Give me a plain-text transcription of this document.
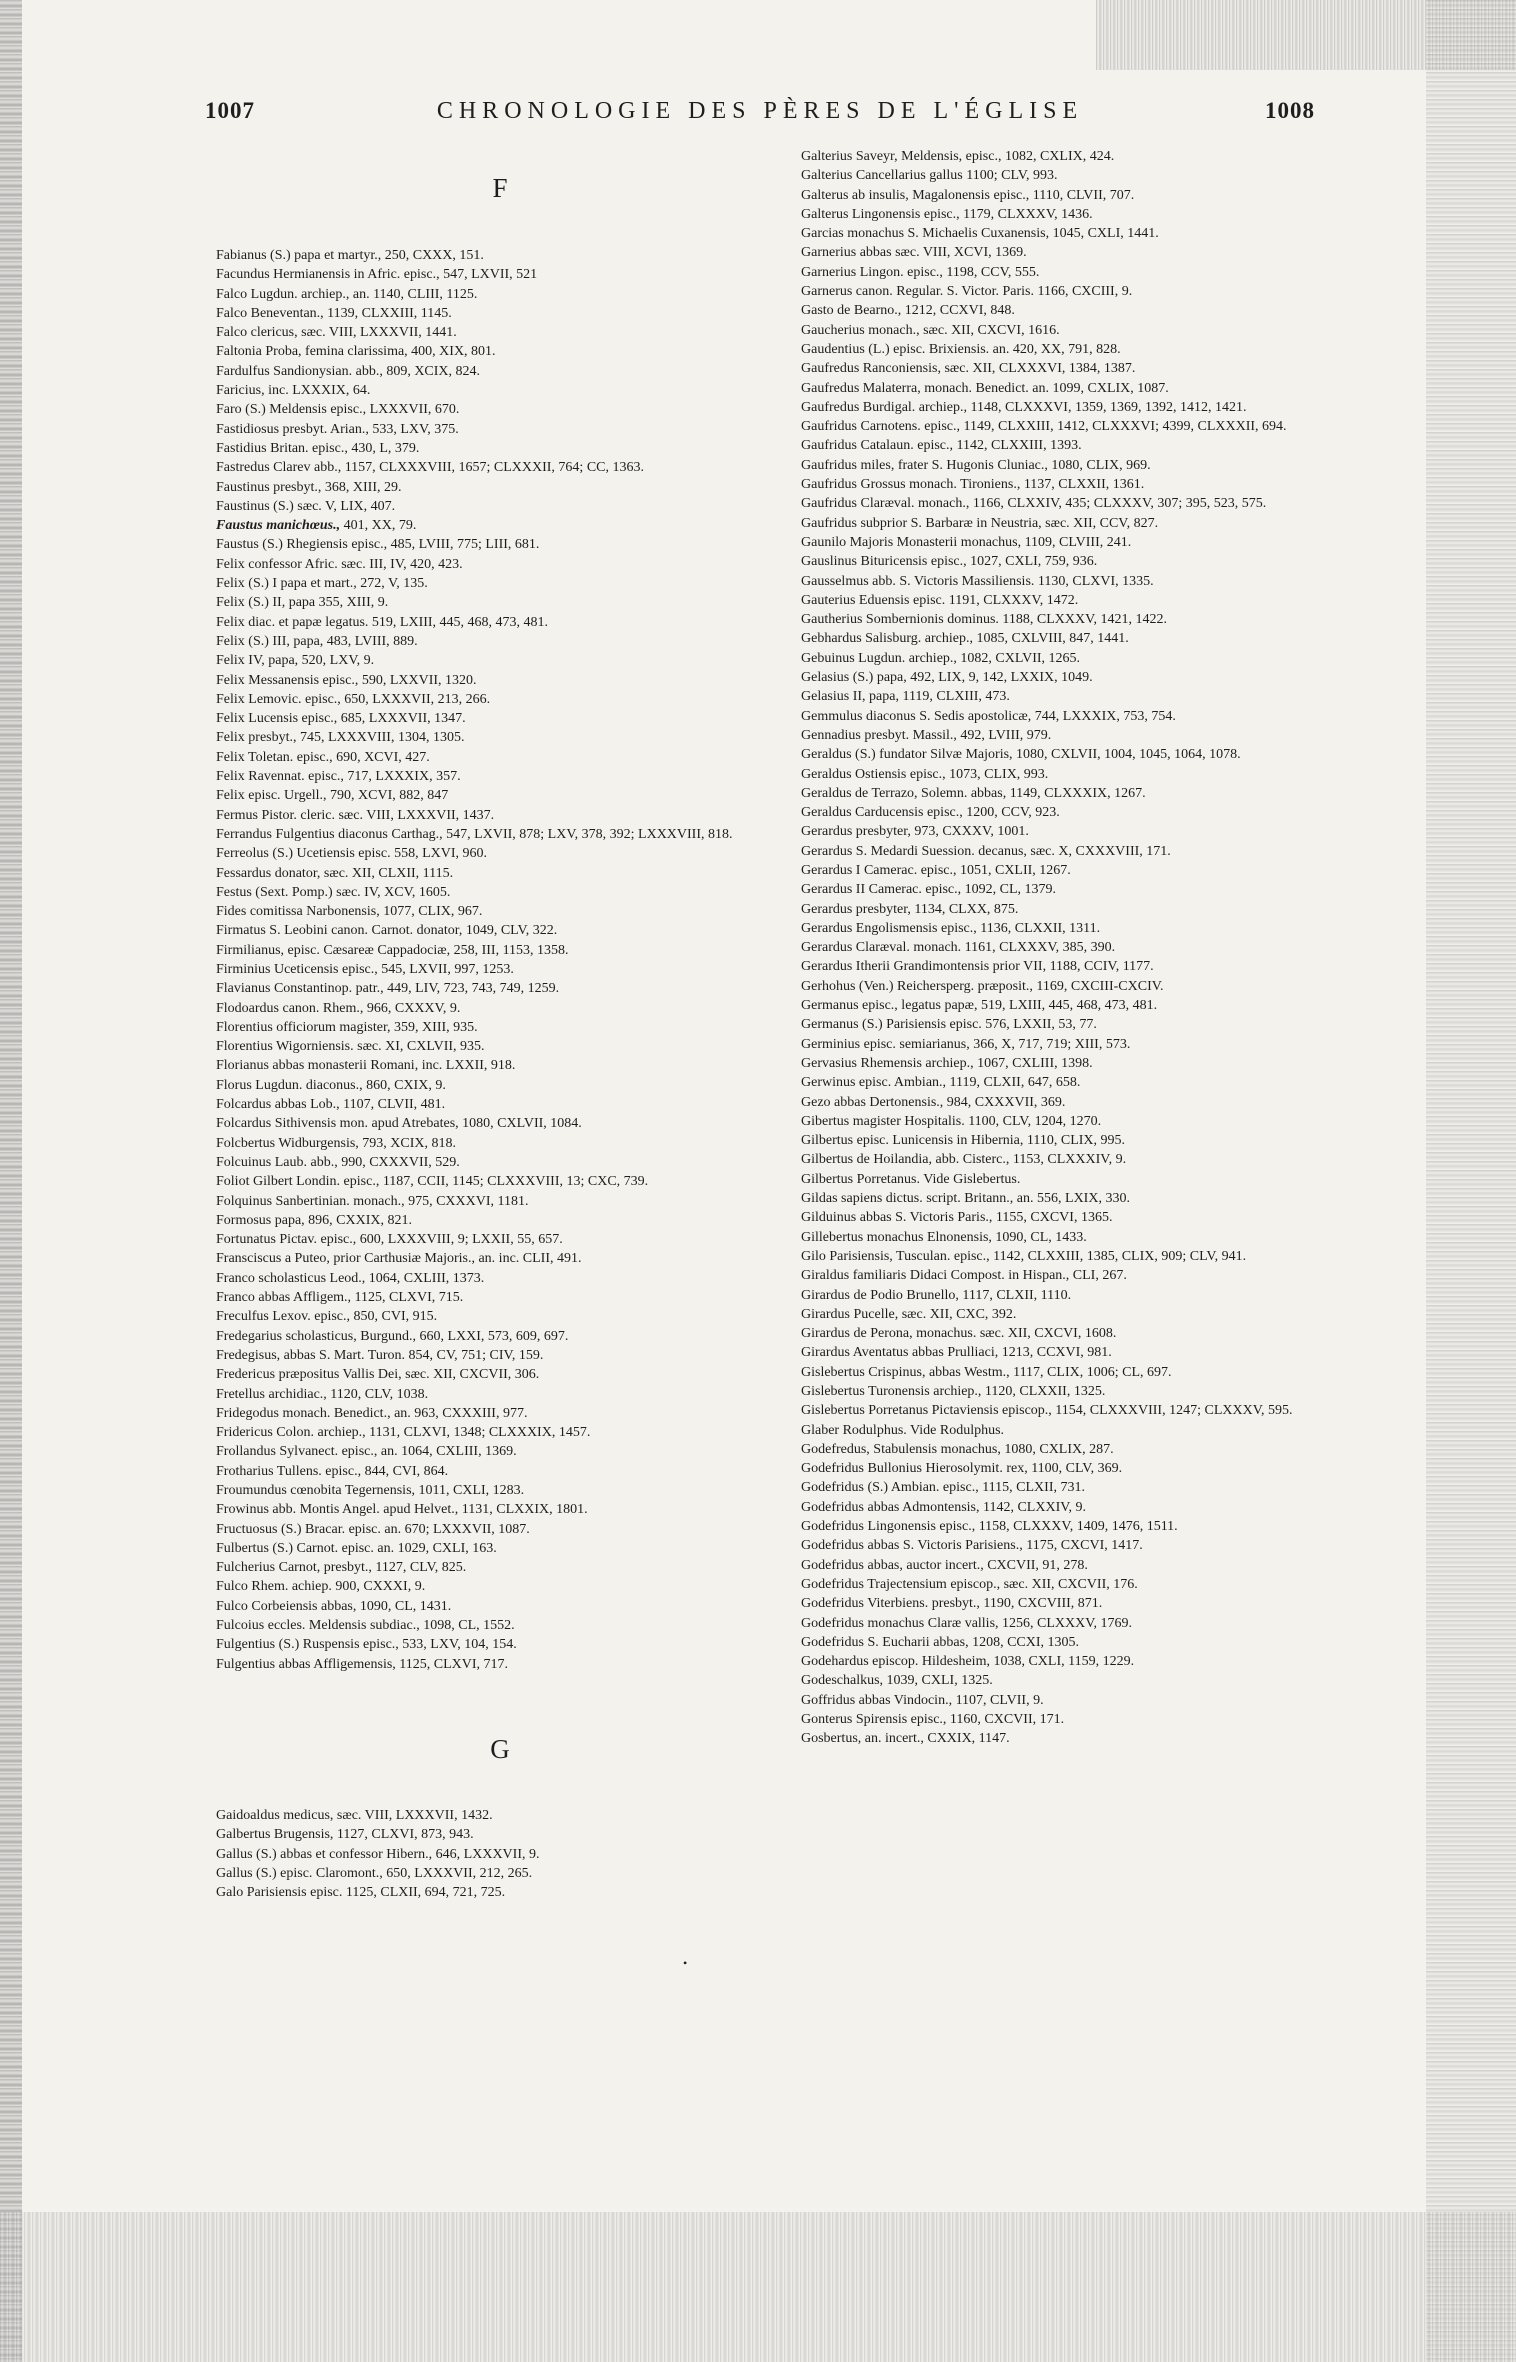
1007	CHRONOLOGIE DES PÈRES DE L'ÉGLISE	1008
F
Fabianus (S.) papa et martyr., 250, CXXX, 151.
Facundus Hermianensis in Afric. episc., 547, LXVII, 521
Falco Lugdun. archiep., an. 1140, CLIII, 1125.
Falco Beneventan., 1139, CLXXIII, 1145.
Falco clericus, sæc. VIII, LXXXVII, 1441.
Faltonia Proba, femina clarissima, 400, XIX, 801.
Fardulfus Sandionysian. abb., 809, XCIX, 824.
Faricius, inc. LXXXIX, 64.
Faro (S.) Meldensis episc., LXXXVII, 670.
Fastidiosus presbyt. Arian., 533, LXV, 375.
Fastidius Britan. episc., 430, L, 379.
Fastredus Clarev abb., 1157, CLXXXVIII, 1657; CLXXXII, 764; CC, 1363.
Faustinus presbyt., 368, XIII, 29.
Faustinus (S.) sæc. V, LIX, 407.
Faustus manichœus., 401, XX, 79.
Faustus (S.) Rhegiensis episc., 485, LVIII, 775; LIII, 681.
Felix confessor Afric. sæc. III, IV, 420, 423.
Felix (S.) I papa et mart., 272, V, 135.
Felix (S.) II, papa 355, XIII, 9.
Felix diac. et papæ legatus. 519, LXIII, 445, 468, 473, 481.
Felix (S.) III, papa, 483, LVIII, 889.
Felix IV, papa, 520, LXV, 9.
Felix Messanensis episc., 590, LXXVII, 1320.
Felix Lemovic. episc., 650, LXXXVII, 213, 266.
Felix Lucensis episc., 685, LXXXVII, 1347.
Felix presbyt., 745, LXXXVIII, 1304, 1305.
Felix Toletan. episc., 690, XCVI, 427.
Felix Ravennat. episc., 717, LXXXIX, 357.
Felix episc. Urgell., 790, XCVI, 882, 847
Fermus Pistor. cleric. sæc. VIII, LXXXVII, 1437.
Ferrandus Fulgentius diaconus Carthag., 547, LXVII, 878; LXV, 378, 392; LXXXVIII, 818.
Ferreolus (S.) Ucetiensis episc. 558, LXVI, 960.
Fessardus donator, sæc. XII, CLXII, 1115.
Festus (Sext. Pomp.) sæc. IV, XCV, 1605.
Fides comitissa Narbonensis, 1077, CLIX, 967.
Firmatus S. Leobini canon. Carnot. donator, 1049, CLV, 322.
Firmilianus, episc. Cæsareæ Cappadociæ, 258, III, 1153, 1358.
Firminius Uceticensis episc., 545, LXVII, 997, 1253.
Flavianus Constantinop. patr., 449, LIV, 723, 743, 749, 1259.
Flodoardus canon. Rhem., 966, CXXXV, 9.
Florentius officiorum magister, 359, XIII, 935.
Florentius Wigorniensis. sæc. XI, CXLVII, 935.
Florianus abbas monasterii Romani, inc. LXXII, 918.
Florus Lugdun. diaconus., 860, CXIX, 9.
Folcardus abbas Lob., 1107, CLVII, 481.
Folcardus Sithivensis mon. apud Atrebates, 1080, CXLVII, 1084.
Folcbertus Widburgensis, 793, XCIX, 818.
Folcuinus Laub. abb., 990, CXXXVII, 529.
Foliot Gilbert Londin. episc., 1187, CCII, 1145; CLXXXVIII, 13; CXC, 739.
Folquinus Sanbertinian. monach., 975, CXXXVI, 1181.
Formosus papa, 896, CXXIX, 821.
Fortunatus Pictav. episc., 600, LXXXVIII, 9; LXXII, 55, 657.
Fransciscus a Puteo, prior Carthusiæ Majoris., an. inc. CLII, 491.
Franco scholasticus Leod., 1064, CXLIII, 1373.
Franco abbas Affligem., 1125, CLXVI, 715.
Freculfus Lexov. episc., 850, CVI, 915.
Fredegarius scholasticus, Burgund., 660, LXXI, 573, 609, 697.
Fredegisus, abbas S. Mart. Turon. 854, CV, 751; CIV, 159.
Fredericus præpositus Vallis Dei, sæc. XII, CXCVII, 306.
Fretellus archidiac., 1120, CLV, 1038.
Fridegodus monach. Benedict., an. 963, CXXXIII, 977.
Fridericus Colon. archiep., 1131, CLXVI, 1348; CLXXXIX, 1457.
Frollandus Sylvanect. episc., an. 1064, CXLIII, 1369.
Frotharius Tullens. episc., 844, CVI, 864.
Froumundus cœnobita Tegernensis, 1011, CXLI, 1283.
Frowinus abb. Montis Angel. apud Helvet., 1131, CLXXIX, 1801.
Fructuosus (S.) Bracar. episc. an. 670; LXXXVII, 1087.
Fulbertus (S.) Carnot. episc. an. 1029, CXLI, 163.
Fulcherius Carnot, presbyt., 1127, CLV, 825.
Fulco Rhem. achiep. 900, CXXXI, 9.
Fulco Corbeiensis abbas, 1090, CL, 1431.
Fulcoius eccles. Meldensis subdiac., 1098, CL, 1552.
Fulgentius (S.) Ruspensis episc., 533, LXV, 104, 154.
Fulgentius abbas Affligemensis, 1125, CLXVI, 717.
G
Gaidoaldus medicus, sæc. VIII, LXXXVII, 1432.
Galbertus Brugensis, 1127, CLXVI, 873, 943.
Gallus (S.) abbas et confessor Hibern., 646, LXXXVII, 9.
Gallus (S.) episc. Claromont., 650, LXXXVII, 212, 265.
Galo Parisiensis episc. 1125, CLXII, 694, 721, 725.
•
Galterius Saveyr, Meldensis, episc., 1082, CXLIX, 424.
Galterius Cancellarius gallus 1100; CLV, 993.
Galterus ab insulis, Magalonensis episc., 1110, CLVII, 707.
Galterus Lingonensis episc., 1179, CLXXXV, 1436.
Garcias monachus S. Michaelis Cuxanensis, 1045, CXLI, 1441.
Garnerius abbas sæc. VIII, XCVI, 1369.
Garnerius Lingon. episc., 1198, CCV, 555.
Garnerus canon. Regular. S. Victor. Paris. 1166, CXCIII, 9.
Gasto de Bearno., 1212, CCXVI, 848.
Gaucherius monach., sæc. XII, CXCVI, 1616.
Gaudentius (L.) episc. Brixiensis. an. 420, XX, 791, 828.
Gaufredus Ranconiensis, sæc. XII, CLXXXVI, 1384, 1387.
Gaufredus Malaterra, monach. Benedict. an. 1099, CXLIX, 1087.
Gaufredus Burdigal. archiep., 1148, CLXXXVI, 1359, 1369, 1392, 1412, 1421.
Gaufridus Carnotens. episc., 1149, CLXXIII, 1412, CLXXXVI; 4399, CLXXXII, 694.
Gaufridus Catalaun. episc., 1142, CLXXIII, 1393.
Gaufridus miles, frater S. Hugonis Cluniac., 1080, CLIX, 969.
Gaufridus Grossus monach. Tironiens., 1137, CLXXII, 1361.
Gaufridus Claræval. monach., 1166, CLXXIV, 435; CLXXXV, 307; 395, 523, 575.
Gaufridus subprior S. Barbaræ in Neustria, sæc. XII, CCV, 827.
Gaunilo Majoris Monasterii monachus, 1109, CLVIII, 241.
Gauslinus Bituricensis episc., 1027, CXLI, 759, 936.
Gausselmus abb. S. Victoris Massiliensis. 1130, CLXVI, 1335.
Gauterius Eduensis episc. 1191, CLXXXV, 1472.
Gautherius Sombernionis dominus. 1188, CLXXXV, 1421, 1422.
Gebhardus Salisburg. archiep., 1085, CXLVIII, 847, 1441.
Gebuinus Lugdun. archiep., 1082, CXLVII, 1265.
Gelasius (S.) papa, 492, LIX, 9, 142, LXXIX, 1049.
Gelasius II, papa, 1119, CLXIII, 473.
Gemmulus diaconus S. Sedis apostolicæ, 744, LXXXIX, 753, 754.
Gennadius presbyt. Massil., 492, LVIII, 979.
Geraldus (S.) fundator Silvæ Majoris, 1080, CXLVII, 1004, 1045, 1064, 1078.
Geraldus Ostiensis episc., 1073, CLIX, 993.
Geraldus de Terrazo, Solemn. abbas, 1149, CLXXXIX, 1267.
Geraldus Carducensis episc., 1200, CCV, 923.
Gerardus presbyter, 973, CXXXV, 1001.
Gerardus S. Medardi Suession. decanus, sæc. X, CXXXVIII, 171.
Gerardus I Camerac. episc., 1051, CXLII, 1267.
Gerardus II Camerac. episc., 1092, CL, 1379.
Gerardus presbyter, 1134, CLXX, 875.
Gerardus Engolismensis episc., 1136, CLXXII, 1311.
Gerardus Claræval. monach. 1161, CLXXXV, 385, 390.
Gerardus Itherii Grandimontensis prior VII, 1188, CCIV, 1177.
Gerhohus (Ven.) Reichersperg. præposit., 1169, CXCIII-CXCIV.
Germanus episc., legatus papæ, 519, LXIII, 445, 468, 473, 481.
Germanus (S.) Parisiensis episc. 576, LXXII, 53, 77.
Germinius episc. semiarianus, 366, X, 717, 719; XIII, 573.
Gervasius Rhemensis archiep., 1067, CXLIII, 1398.
Gerwinus episc. Ambian., 1119, CLXII, 647, 658.
Gezo abbas Dertonensis., 984, CXXXVII, 369.
Gibertus magister Hospitalis. 1100, CLV, 1204, 1270.
Gilbertus episc. Lunicensis in Hibernia, 1110, CLIX, 995.
Gilbertus de Hoilandia, abb. Cisterc., 1153, CLXXXIV, 9.
Gilbertus Porretanus. Vide Gislebertus.
Gildas sapiens dictus. script. Britann., an. 556, LXIX, 330.
Gilduinus abbas S. Victoris Paris., 1155, CXCVI, 1365.
Gillebertus monachus Elnonensis, 1090, CL, 1433.
Gilo Parisiensis, Tusculan. episc., 1142, CLXXIII, 1385, CLIX, 909; CLV, 941.
Giraldus familiaris Didaci Compost. in Hispan., CLI, 267.
Girardus de Podio Brunello, 1117, CLXII, 1110.
Girardus Pucelle, sæc. XII, CXC, 392.
Girardus de Perona, monachus. sæc. XII, CXCVI, 1608.
Girardus Aventatus abbas Prulliaci, 1213, CCXVI, 981.
Gislebertus Crispinus, abbas Westm., 1117, CLIX, 1006; CL, 697.
Gislebertus Turonensis archiep., 1120, CLXXII, 1325.
Gislebertus Porretanus Pictaviensis episcop., 1154, CLXXXVIII, 1247; CLXXXV, 595.
Glaber Rodulphus. Vide Rodulphus.
Godefredus, Stabulensis monachus, 1080, CXLIX, 287.
Godefridus Bullonius Hierosolymit. rex, 1100, CLV, 369.
Godefridus (S.) Ambian. episc., 1115, CLXII, 731.
Godefridus abbas Admontensis, 1142, CLXXIV, 9.
Godefridus Lingonensis episc., 1158, CLXXXV, 1409, 1476, 1511.
Godefridus abbas S. Victoris Parisiens., 1175, CXCVI, 1417.
Godefridus abbas, auctor incert., CXCVII, 91, 278.
Godefridus Trajectensium episcop., sæc. XII, CXCVII, 176.
Godefridus Viterbiens. presbyt., 1190, CXCVIII, 871.
Godefridus monachus Claræ vallis, 1256, CLXXXV, 1769.
Godefridus S. Eucharii abbas, 1208, CCXI, 1305.
Godehardus episcop. Hildesheim, 1038, CXLI, 1159, 1229.
Godeschalkus, 1039, CXLI, 1325.
Goffridus abbas Vindocin., 1107, CLVII, 9.
Gonterus Spirensis episc., 1160, CXCVII, 171.
Gosbertus, an. incert., CXXIX, 1147.
